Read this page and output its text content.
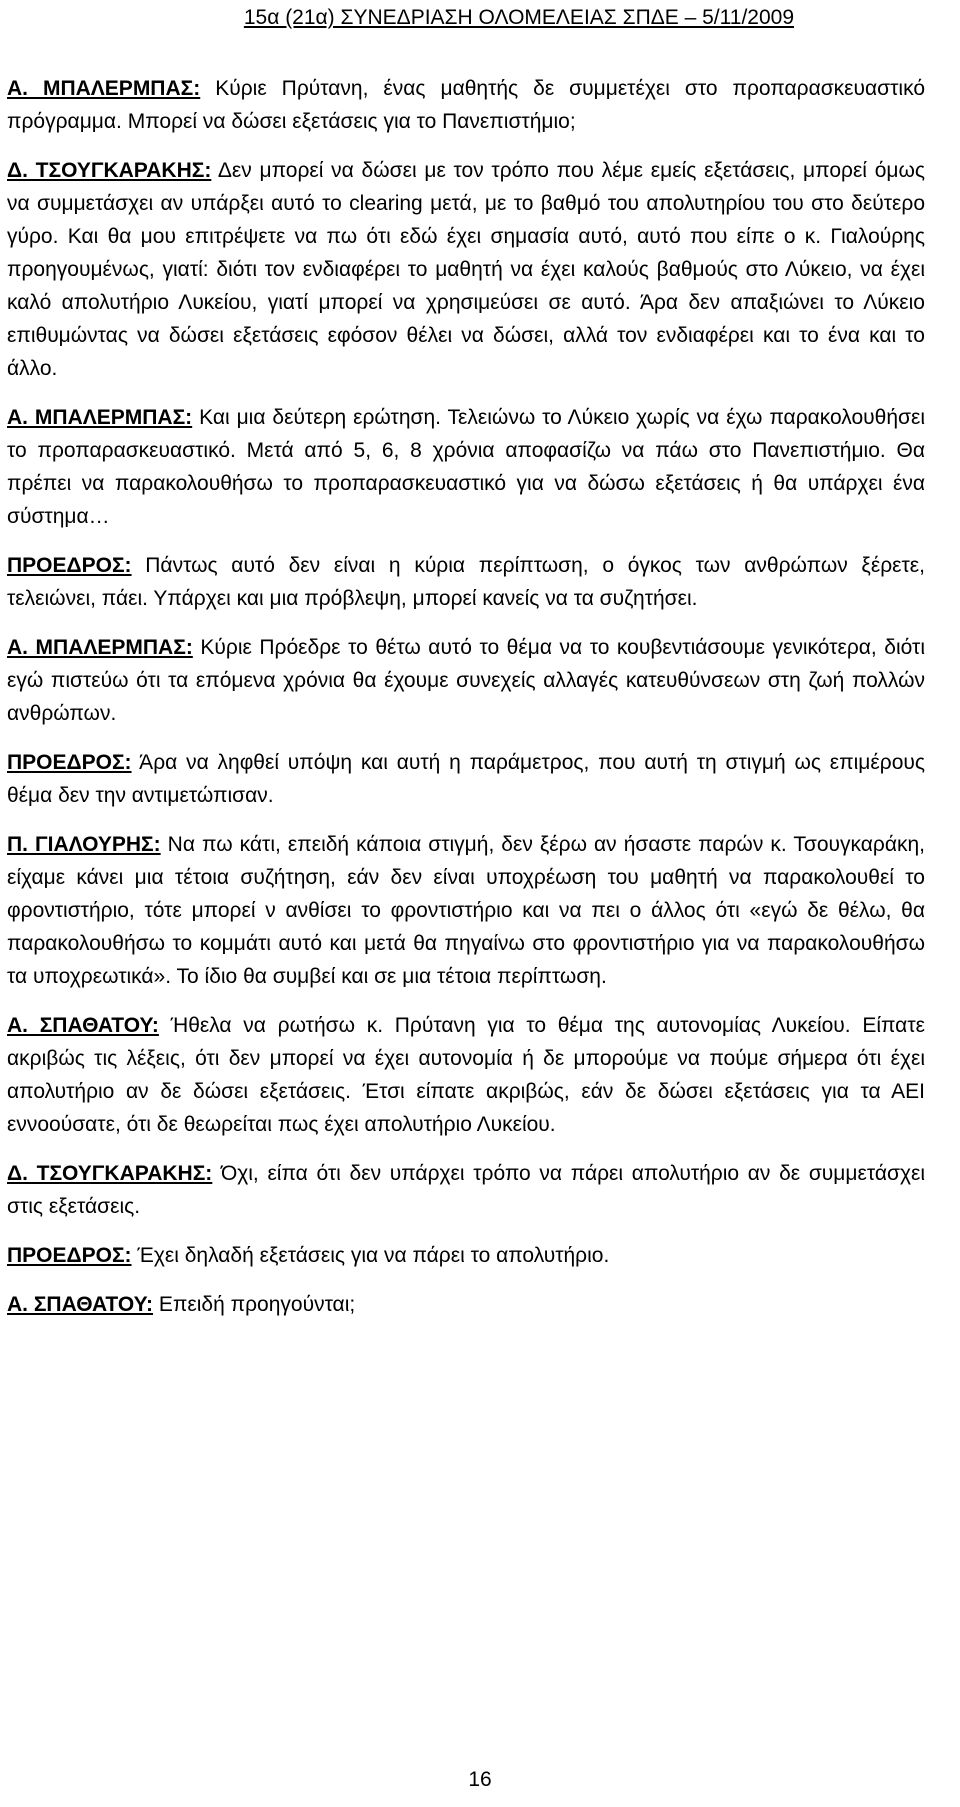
15α (21α) ΣΥΝΕΔΡΙΑΣΗ ΟΛΟΜΕΛΕΙΑΣ ΣΠΔΕ – 5/11/2009

Α. ΜΠΑΛΕΡΜΠΑΣ: Κύριε Πρύτανη, ένας μαθητής δε συμμετέχει στο προπαρασκευαστικό πρόγραμμα. Μπορεί να δώσει εξετάσεις για το Πανεπιστήμιο;

Δ. ΤΣΟΥΓΚΑΡΑΚΗΣ: Δεν μπορεί να δώσει με τον τρόπο που λέμε εμείς εξετάσεις, μπορεί όμως να συμμετάσχει αν υπάρξει αυτό το clearing μετά, με το βαθμό του απολυτηρίου του στο δεύτερο γύρο. Και θα μου επιτρέψετε να πω ότι εδώ έχει σημασία αυτό, αυτό που είπε ο κ. Γιαλούρης προηγουμένως, γιατί: διότι τον ενδιαφέρει το μαθητή να έχει καλούς βαθμούς στο Λύκειο, να έχει καλό απολυτήριο Λυκείου, γιατί μπορεί να χρησιμεύσει σε αυτό. Άρα δεν απαξιώνει το Λύκειο επιθυμώντας να δώσει εξετάσεις εφόσον θέλει να δώσει, αλλά τον ενδιαφέρει και το ένα και το άλλο.

Α. ΜΠΑΛΕΡΜΠΑΣ: Και μια δεύτερη ερώτηση. Τελειώνω το Λύκειο χωρίς να έχω παρακολουθήσει το προπαρασκευαστικό. Μετά από 5, 6, 8 χρόνια αποφασίζω να πάω στο Πανεπιστήμιο. Θα πρέπει να παρακολουθήσω το προπαρασκευαστικό για να δώσω εξετάσεις ή θα υπάρχει ένα σύστημα…

ΠΡΟΕΔΡΟΣ: Πάντως αυτό δεν είναι η κύρια περίπτωση, ο όγκος των ανθρώπων ξέρετε, τελειώνει, πάει. Υπάρχει και μια πρόβλεψη, μπορεί κανείς να τα συζητήσει.

Α. ΜΠΑΛΕΡΜΠΑΣ: Κύριε Πρόεδρε το θέτω αυτό το θέμα να το κουβεντιάσουμε γενικότερα, διότι εγώ πιστεύω ότι τα επόμενα χρόνια θα έχουμε συνεχείς αλλαγές κατευθύνσεων στη ζωή πολλών ανθρώπων.

ΠΡΟΕΔΡΟΣ: Άρα να ληφθεί υπόψη και αυτή η παράμετρος, που αυτή τη στιγμή ως επιμέρους θέμα δεν την αντιμετώπισαν.

Π. ΓΙΑΛΟΥΡΗΣ: Να πω κάτι, επειδή κάποια στιγμή, δεν ξέρω αν ήσαστε παρών κ. Τσουγκαράκη, είχαμε κάνει μια τέτοια συζήτηση, εάν δεν είναι υποχρέωση του μαθητή να παρακολουθεί το φροντιστήριο, τότε μπορεί ν ανθίσει το φροντιστήριο και να πει ο άλλος ότι «εγώ δε θέλω, θα παρακολουθήσω το κομμάτι αυτό και μετά θα πηγαίνω στο φροντιστήριο για να παρακολουθήσω τα υποχρεωτικά». Το ίδιο θα συμβεί και σε μια τέτοια περίπτωση.

Α. ΣΠΑΘΑΤΟΥ: Ήθελα να ρωτήσω κ. Πρύτανη για το θέμα της αυτονομίας Λυκείου. Είπατε ακριβώς τις λέξεις, ότι δεν μπορεί να έχει αυτονομία ή δε μπορούμε να πούμε σήμερα ότι έχει απολυτήριο αν δε δώσει εξετάσεις. Έτσι είπατε ακριβώς, εάν δε δώσει εξετάσεις για τα ΑΕΙ εννοούσατε, ότι δε θεωρείται πως έχει απολυτήριο Λυκείου.

Δ. ΤΣΟΥΓΚΑΡΑΚΗΣ: Όχι, είπα ότι δεν υπάρχει τρόπο να πάρει απολυτήριο αν δε συμμετάσχει στις εξετάσεις.

ΠΡΟΕΔΡΟΣ: Έχει δηλαδή εξετάσεις για να πάρει το απολυτήριο.

Α. ΣΠΑΘΑΤΟΥ: Επειδή προηγούνται;

16
